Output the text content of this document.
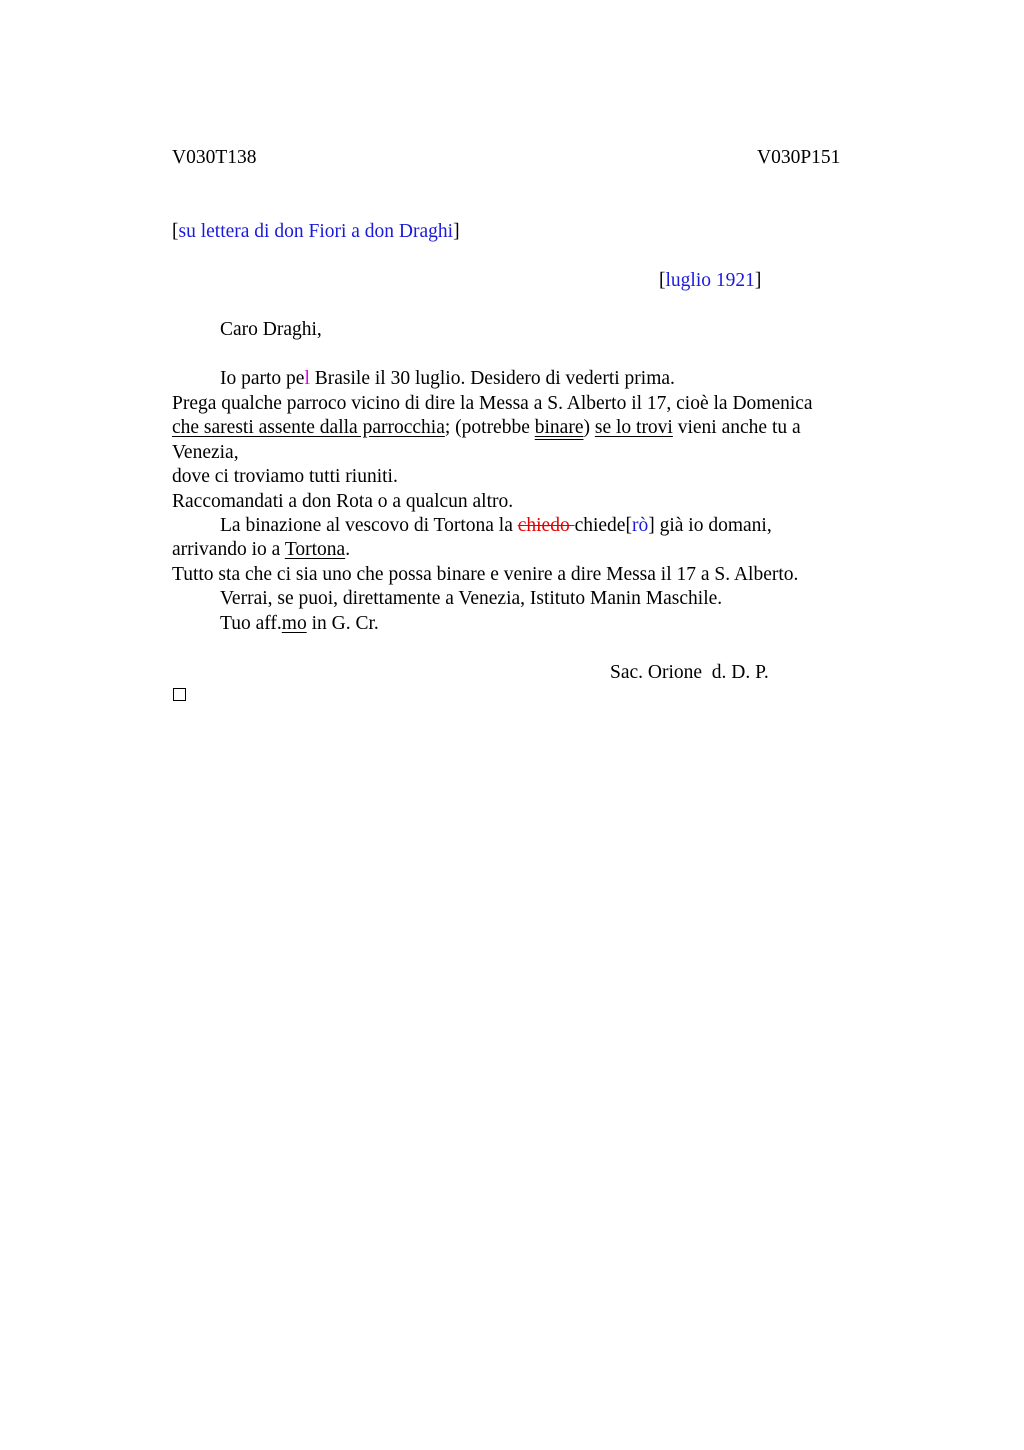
V030T138	V030P151
[su lettera di don Fiori a don Draghi]
[luglio 1921]
Caro Draghi,
Io parto pel Brasile il 30 luglio. Desidero di vederti prima.
Prega qualche parroco vicino di dire la Messa a S. Alberto il 17, cioè la Domenica
che saresti assente dalla parrocchia; (potrebbe binare) se lo trovi vieni anche tu a
Venezia,
dove ci troviamo tutti riuniti.
Raccomandati a don Rota o a qualcun altro.
La binazione al vescovo di Tortona la chiedo chiede[rò] già io domani,
arrivando io a Tortona.
Tutto sta che ci sia uno che possa binare e venire a dire Messa il 17 a S. Alberto.
Verrai, se puoi, direttamente a Venezia, Istituto Manin Maschile.
Tuo aff.mo in G. Cr.
Sac. Orione  d. D. P.
